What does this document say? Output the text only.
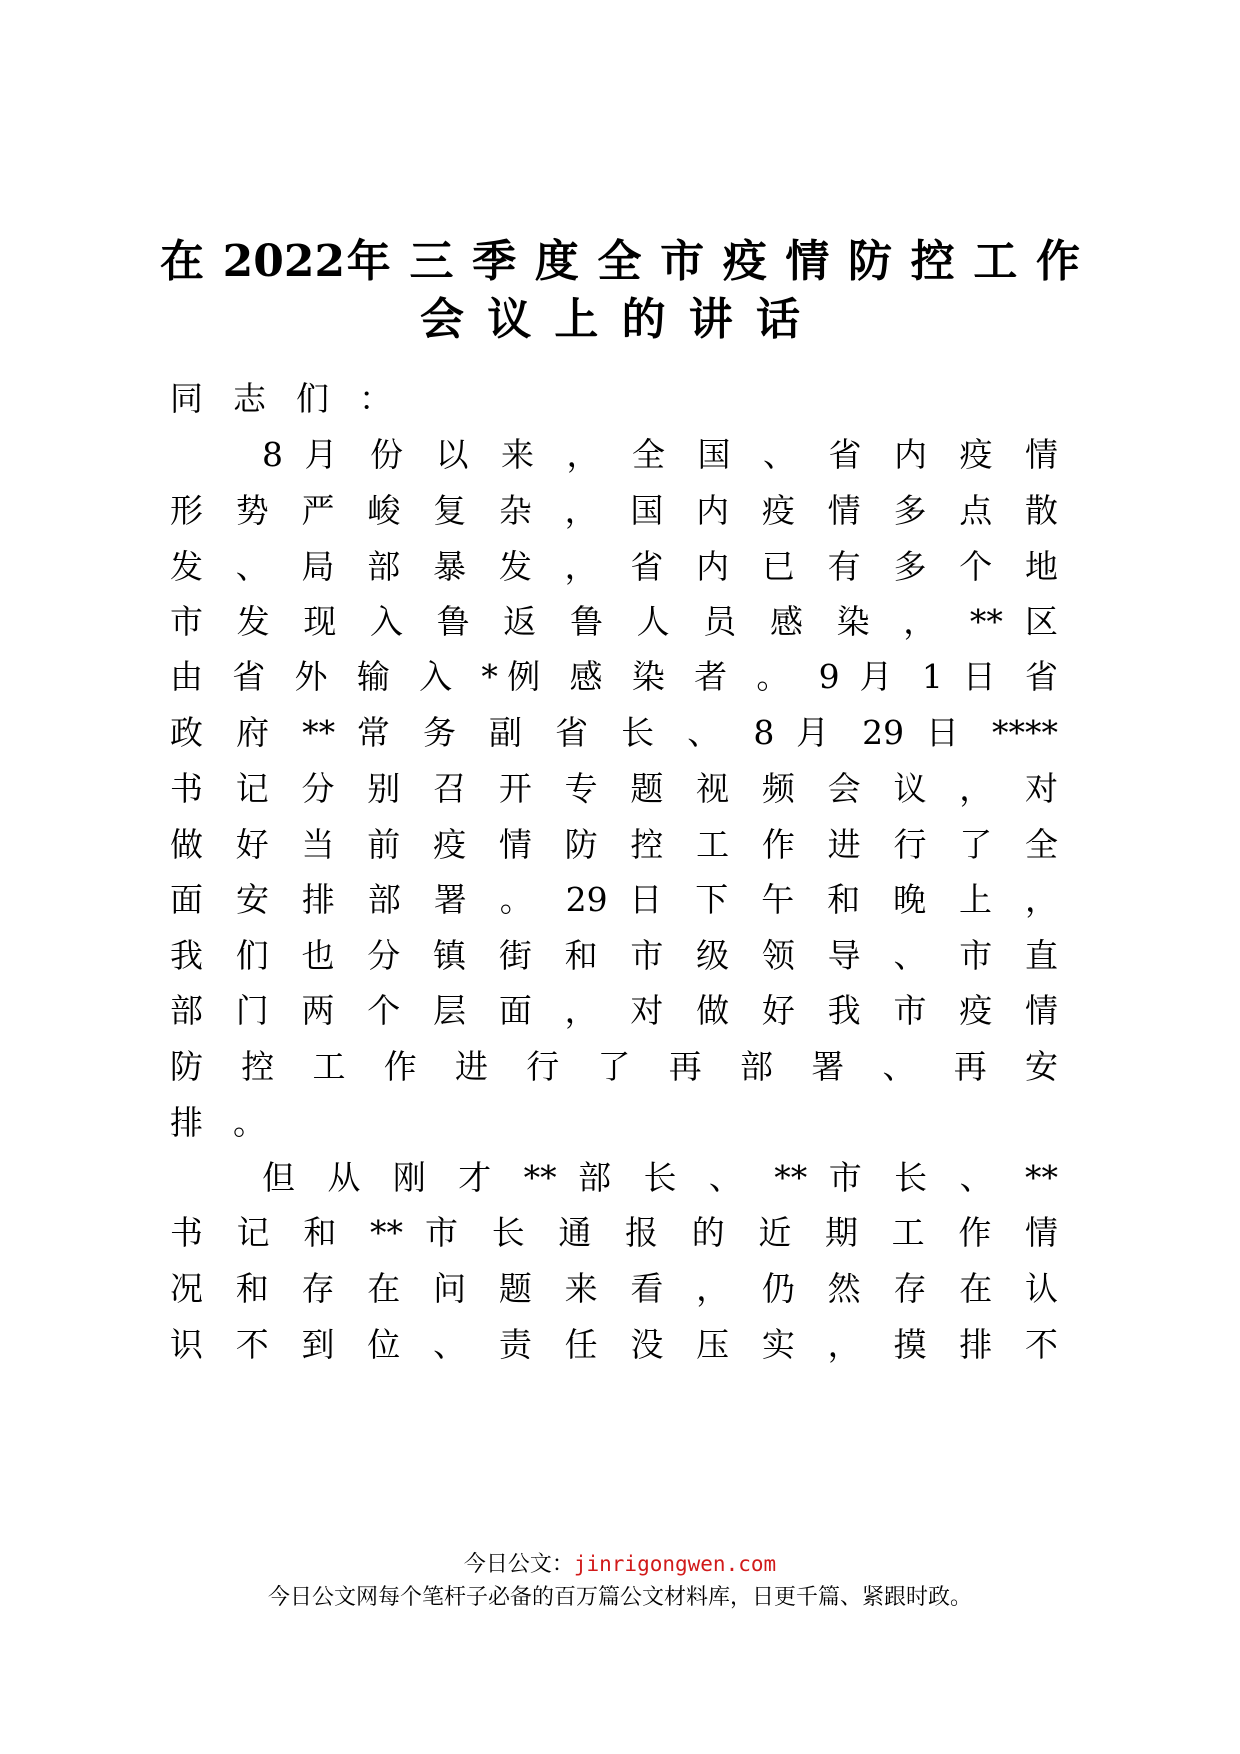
在 2022年 三 季 度 全 市 疫 情 防 控 工 作
会 议 上 的 讲 话
同志们：
8 月 份 以 来 ， 全 国 、 省 内 疫 情
形 势 严 峻 复 杂 ， 国 内 疫 情 多 点 散
发 、 局 部 暴 发 ， 省 内 已 有 多 个 地
市 发 现 入 鲁 返 鲁 人 员 感 染 ， ** 区
由 省 外 输 入 *例 感 染 者 。 9 月 1 日 省
政 府 ** 常 务 副 省 长 、 8 月 29 日 ****
书 记 分 别 召 开 专 题 视 频 会 议 ， 对
做 好 当 前 疫 情 防 控 工 作 进 行 了 全
面 安 排 部 署 。 29 日 下 午 和 晚 上 ，
我 们 也 分 镇 街 和 市 级 领 导 、 市 直
部 门 两 个 层 面 ， 对 做 好 我 市 疫 情
防 控 工 作 进 行 了 再 部 署 、 再 安
排。
但 从 刚 才 ** 部 长 、 ** 市 长 、 **
书 记 和 ** 市 长 通 报 的 近 期 工 作 情
况 和 存 在 问 题 来 看 ， 仍 然 存 在 认
识 不 到 位 、 责 任 没 压 实 ， 摸 排 不
今日公文：jinrigongwen.com
今日公文网每个笔杆子必备的百万篇公文材料库，日更千篇、紧跟时政。
